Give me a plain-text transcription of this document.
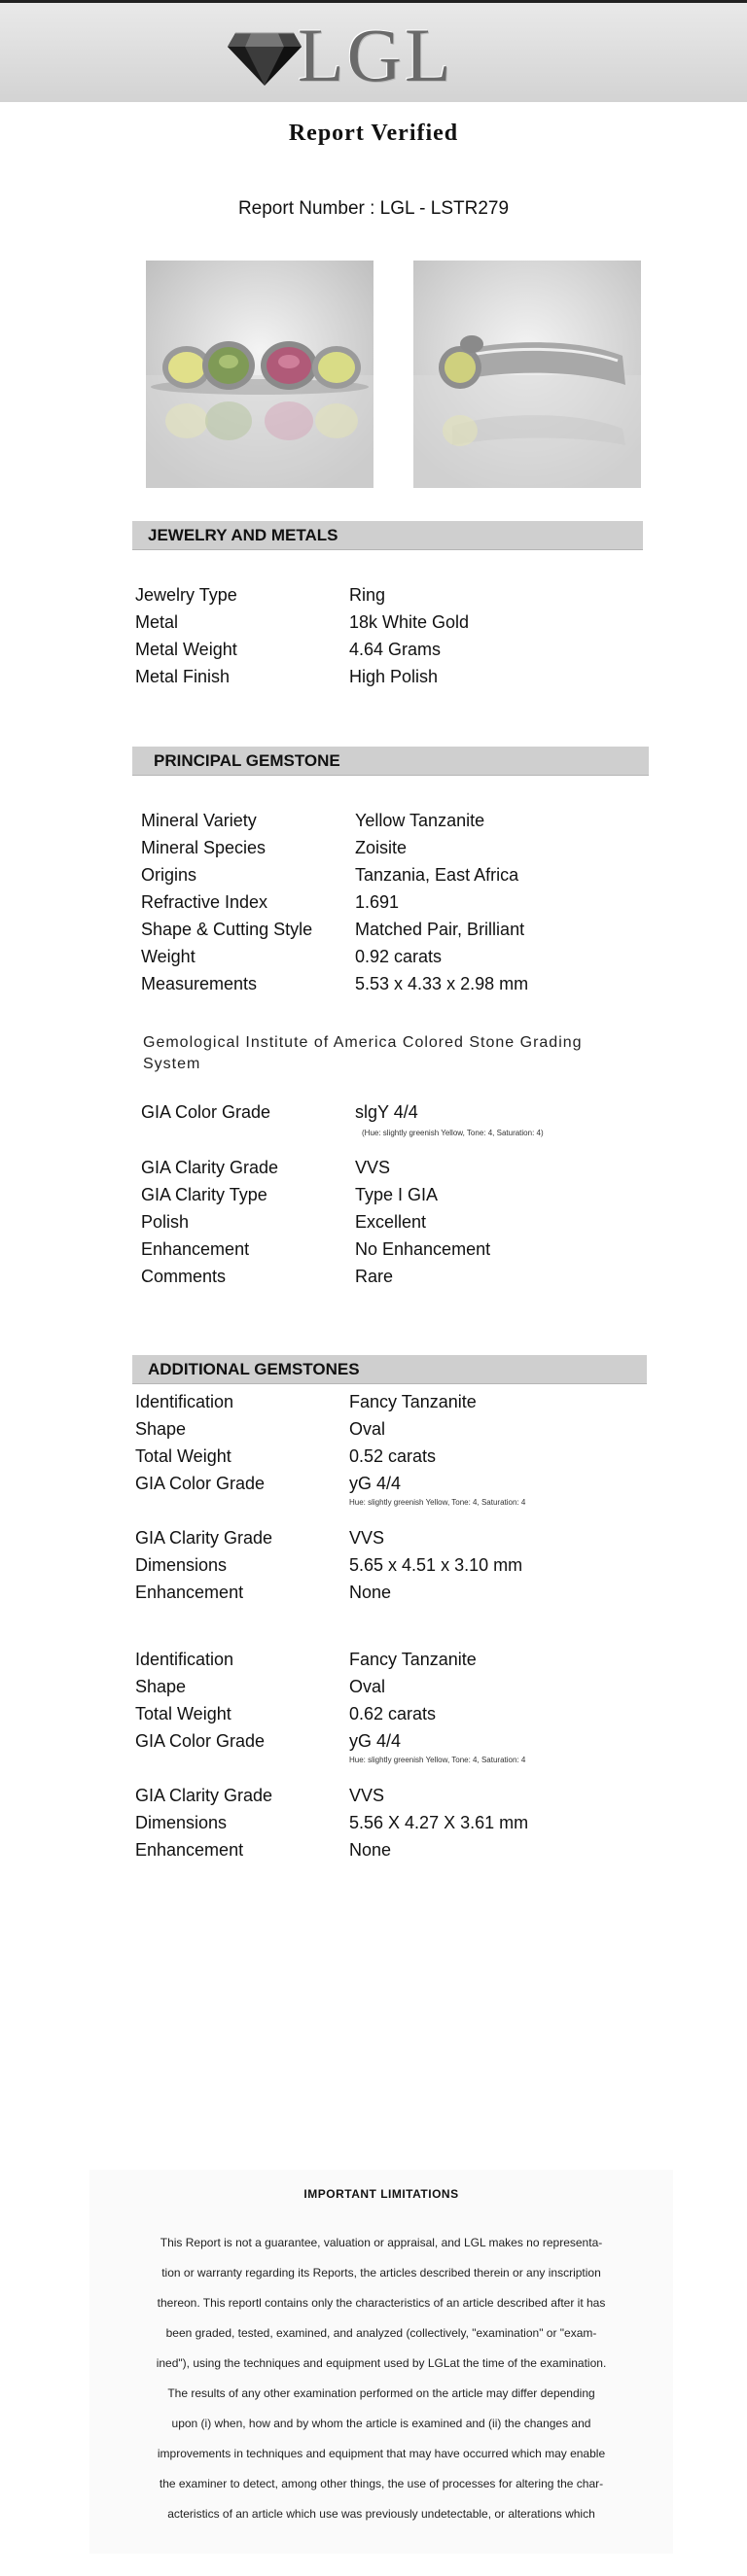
LGL
Report Verified
Report Number : LGL - LSTR279
JEWELRY AND METALS
Jewelry Type	Ring
Metal	18k White Gold
Metal Weight	4.64 Grams
Metal Finish	High Polish
PRINCIPAL GEMSTONE
Mineral Variety	Yellow Tanzanite
Mineral Species	Zoisite
Origins	Tanzania, East Africa
Refractive Index	1.691
Shape & Cutting Style Matched Pair, Brilliant
Weight	0.92 carats
Measurements	5.53 x 4.33 x 2.98 mm
Gemological Institute of America Colored Stone Grading
System
GIA Color Grade	slgY 4/4
(Hue: slightly greenish Yellow, Tone: 4, Saturation: 4)
GIA Clarity Grade	VVS
GIA Clarity Type	Type I GIA
Polish	Excellent
Enhancement	No Enhancement
Comments	Rare
ADDITIONAL GEMSTONES
Identification	Fancy Tanzanite
Shape	Oval
Total Weight	0.52 carats
GIA Color Grade	yG 4/4
Hue: slightly greenish Yellow, Tone: 4, Saturation: 4
GIA Clarity Grade	VVS
Dimensions	5.65 x 4.51 x 3.10 mm
Enhancement	None
Identification	Fancy Tanzanite
Shape	Oval
Total Weight	0.62 carats
GIA Color Grade	yG 4/4
Hue: slightly greenish Yellow, Tone: 4, Saturation: 4
GIA Clarity Grade	VVS
Dimensions	5.56 X 4.27 X 3.61 mm
Enhancement	None
IMPORTANT LIMITATIONS
This Report is not a guarantee, valuation or appraisal, and LGL makes no representa-
tion or warranty regarding its Reports, the articles described therein or any inscription
thereon. This reportl contains only the characteristics of an article described after it has
been graded, tested, examined, and analyzed (collectively, "examination" or "exam-
ined"), using the techniques and equipment used by LGLat the time of the examination.
The results of any other examination performed on the article may differ depending
upon (i) when, how and by whom the article is examined and (ii) the changes and
improvements in techniques and equipment that may have occurred which may enable
the examiner to detect, among other things, the use of processes for altering the char-
acteristics of an article which use was previously undetectable, or alterations which
